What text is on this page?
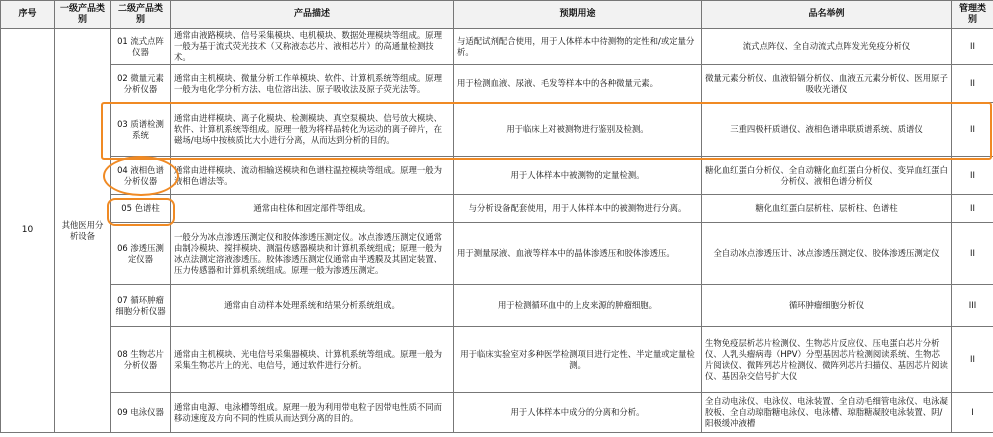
序号	一级产品类别	二级产品类别	产品描述	预期用途	品名举例	管理类别
10	其他医用分析设备	01 流式点阵仪器	通常由液路模块、信号采集模块、电机模块、数据处理模块等组成。原理一般为基于流式荧光技术（又称液态芯片、液相芯片）的高通量检测技术。	与适配试剂配合使用，用于人体样本中待测物的定性和/或定量分析。	流式点阵仪、全自动流式点阵发光免疫分析仪	II
		02 微量元素分析仪器	通常由主机模块、微量分析工作单模块、软件、计算机系统等组成。原理一般为电化学分析方法、电位溶出法、原子吸收法及原子荧光法等。	用于检测血液、尿液、毛发等样本中的各种微量元素。	微量元素分析仪、血液铅镉分析仪、血液五元素分析仪、医用原子吸收光谱仪	II
		03 质谱检测系统	通常由进样模块、离子化模块、检测模块、真空泵模块、信号放大模块、软件、计算机系统等组成。原理一般为将样品转化为运动的离子碎片，在磁场/电场中按核质比大小进行分离，从而达到分析的目的。	用于临床上对被测物进行鉴别及检测。	三重四极杆质谱仪、液相色谱串联质谱系统、质谱仪	II
		04 液相色谱分析仪器	通常由进样模块、流动相输送模块和色谱柱温控模块等组成。原理一般为液相色谱法等。	用于人体样本中被测物的定量检测。	糖化血红蛋白分析仪、全自动糖化血红蛋白分析仪、变异血红蛋白分析仪、液相色谱分析仪	II
		05 色谱柱	通常由柱体和固定部件等组成。	与分析设备配套使用，用于人体样本中的被测物进行分离。	糖化血红蛋白层析柱、层析柱、色谱柱	II
		06 渗透压测定仪器	一般分为冰点渗透压测定仪和胶体渗透压测定仪。冰点渗透压测定仪通常由制冷模块、搅拌模块、测温传感器模块和计算机系统组成；原理一般为冰点法测定溶液渗透压。胶体渗透压测定仪通常由半透膜及其固定装置、压力传感器和计算机系统组成。原理一般为渗透压测定。	用于测量尿液、血液等样本中的晶体渗透压和胶体渗透压。	全自动冰点渗透压计、冰点渗透压测定仪、胶体渗透压测定仪	II
		07 循环肿瘤细胞分析仪器	通常由自动样本处理系统和结果分析系统组成。	用于检测循环血中的上皮来源的肿瘤细胞。	循环肿瘤细胞分析仪	III
		08 生物芯片分析仪器	通常由主机模块、光电信号采集器模块、计算机系统等组成。原理一般为采集生物芯片上的光、电信号，通过软件进行分析。	用于临床实验室对多种医学检测项目进行定性、半定量或定量检测。	生物免疫层析芯片检测仪、生物芯片反应仪、压电蛋白芯片分析仪、人乳头瘤病毒（HPV）分型基因芯片检测阅读系统、生物芯片阅读仪、微阵列芯片检测仪、微阵列芯片扫描仪、基因芯片阅读仪、基因杂交信号扩大仪	II
		09 电泳仪器	通常由电源、电泳槽等组成。原理一般为利用带电粒子因带电性质不同而移动速度及方向不同的性质从而达到分离的目的。	用于人体样本中成分的分离和分析。	全自动电泳仪、电泳仪、电泳装置、全自动毛细管电泳仪、电泳凝胶板、全自动琼脂糖电泳仪、电泳槽、琼脂糖凝胶电泳装置、阴/阳极缓冲液槽	I
